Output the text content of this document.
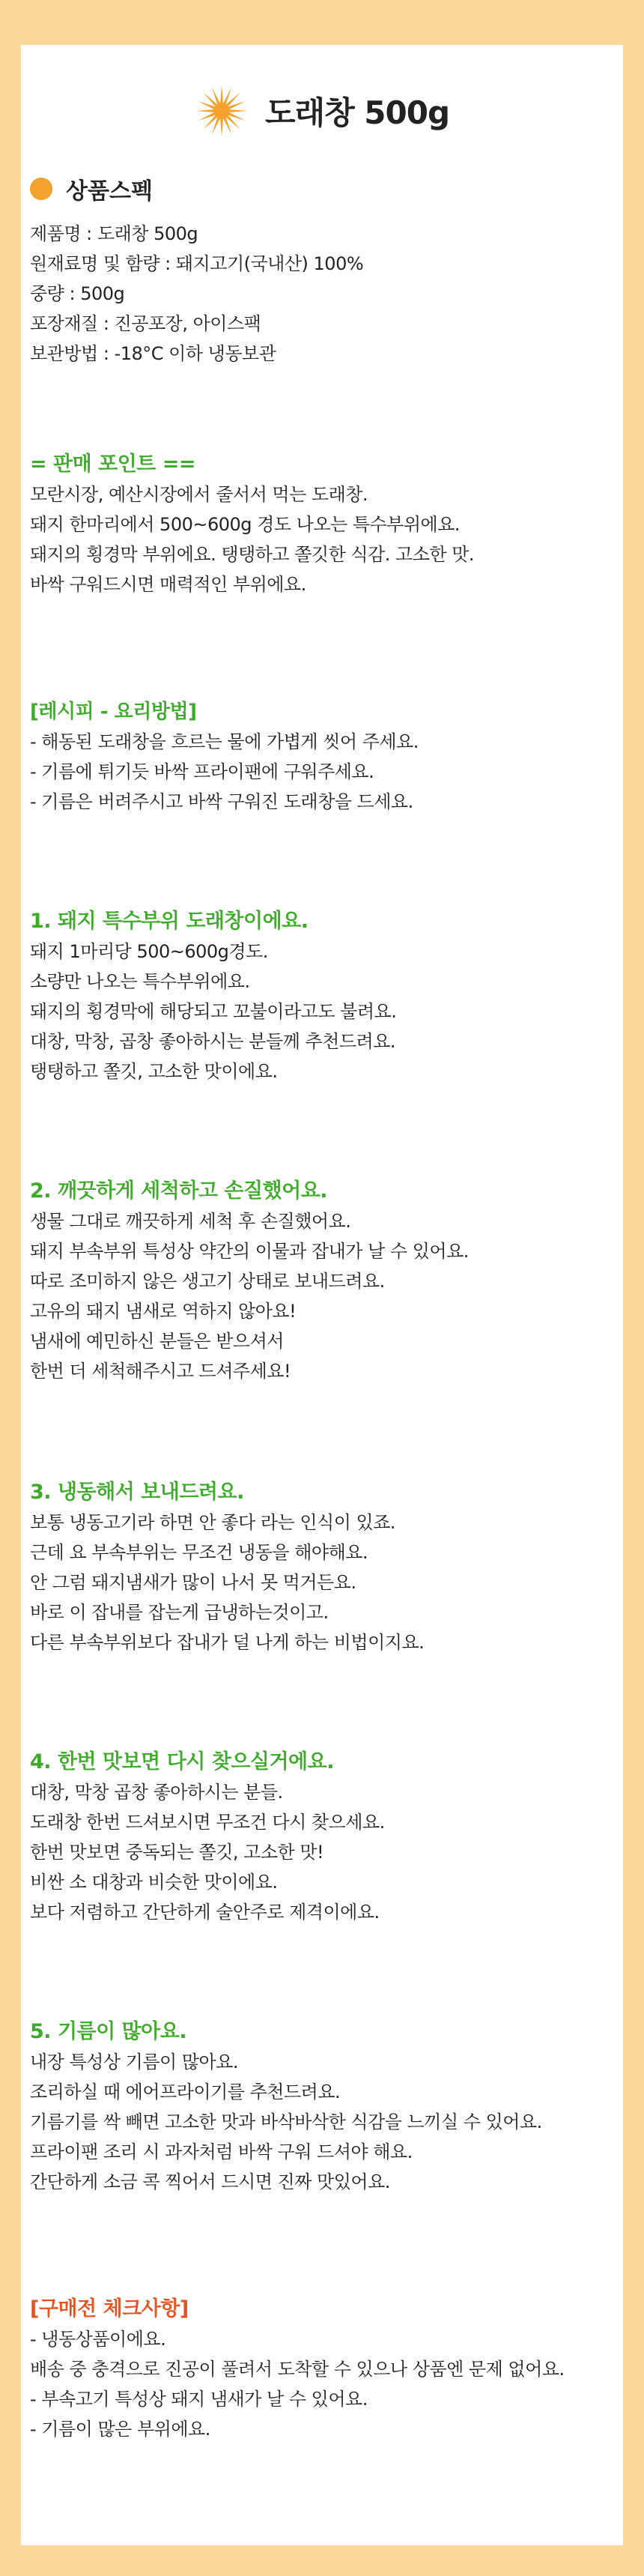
도래창 500g
상품스펙
제품명 : 도래창 500g
원재료명 및 함량 : 돼지고기(국내산) 100%
중량 : 500g
포장재질 : 진공포장, 아이스팩
보관방법 : -18°C 이하 냉동보관
= 판매 포인트 ==
모란시장, 예산시장에서 줄서서 먹는 도래창.
돼지 한마리에서 500~600g 경도 나오는 특수부위에요.
돼지의 횡경막 부위에요. 탱탱하고 쫄깃한 식감. 고소한 맛.
바싹 구워드시면 매력적인 부위에요.
[레시피 - 요리방법]
- 해동된 도래창을 흐르는 물에 가볍게 씻어 주세요.
- 기름에 튀기듯 바싹 프라이팬에 구워주세요.
- 기름은 버려주시고 바싹 구워진 도래창을 드세요.
1. 돼지 특수부위 도래창이에요.
돼지 1마리당 500~600g경도.
소량만 나오는 특수부위에요.
돼지의 횡경막에 해당되고 꼬불이라고도 불려요.
대창, 막창, 곱창 좋아하시는 분들께 추천드려요.
탱탱하고 쫄깃, 고소한 맛이에요.
2. 깨끗하게 세척하고 손질했어요.
생물 그대로 깨끗하게 세척 후 손질했어요.
돼지 부속부위 특성상 약간의 이물과 잡내가 날 수 있어요.
따로 조미하지 않은 생고기 상태로 보내드려요.
고유의 돼지 냄새로 역하지 않아요!
냄새에 예민하신 분들은 받으셔서
한번 더 세척해주시고 드셔주세요!
3. 냉동해서 보내드려요.
보통 냉동고기라 하면 안 좋다 라는 인식이 있죠.
근데 요 부속부위는 무조건 냉동을 해야해요.
안 그럼 돼지냄새가 많이 나서 못 먹거든요.
바로 이 잡내를 잡는게 급냉하는것이고.
다른 부속부위보다 잡내가 덜 나게 하는 비법이지요.
4. 한번 맛보면 다시 찾으실거에요.
대창, 막창 곱창 좋아하시는 분들.
도래창 한번 드셔보시면 무조건 다시 찾으세요.
한번 맛보면 중독되는 쫄깃, 고소한 맛!
비싼 소 대창과 비슷한 맛이에요.
보다 저렴하고 간단하게 술안주로 제격이에요.
5. 기름이 많아요.
내장 특성상 기름이 많아요.
조리하실 때 에어프라이기를 추천드려요.
기름기를 싹 빼면 고소한 맛과 바삭바삭한 식감을 느끼실 수 있어요.
프라이팬 조리 시 과자처럼 바싹 구워 드셔야 해요.
간단하게 소금 콕 찍어서 드시면 진짜 맛있어요.
[구매전 체크사항]
- 냉동상품이에요.
배송 중 충격으로 진공이 풀려서 도착할 수 있으나 상품엔 문제 없어요.
- 부속고기 특성상 돼지 냄새가 날 수 있어요.
- 기름이 많은 부위에요.
